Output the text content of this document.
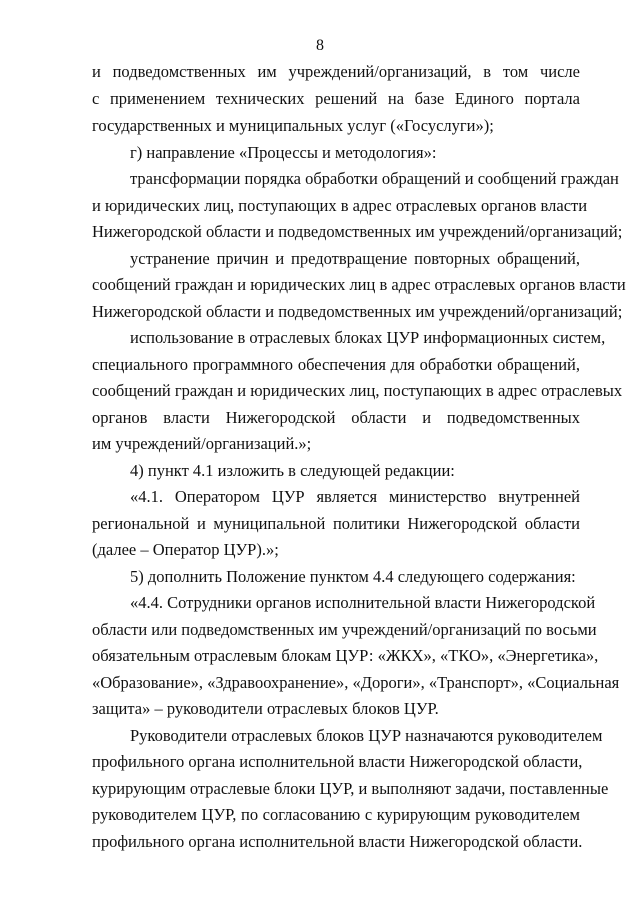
8
и подведомственных им учреждений/организаций, в том числе
с применением технических решений на базе Единого портала
государственных и муниципальных услуг («Госуслуги»);
г) направление «Процессы и методология»:
трансформации порядка обработки обращений и сообщений граждан
и юридических лиц, поступающих в адрес отраслевых органов власти
Нижегородской области и подведомственных им учреждений/организаций;
устранение причин и предотвращение повторных обращений,
сообщений граждан и юридических лиц в адрес отраслевых органов власти
Нижегородской области и подведомственных им учреждений/организаций;
использование в отраслевых блоках ЦУР информационных систем,
специального программного обеспечения для обработки обращений,
сообщений граждан и юридических лиц, поступающих в адрес отраслевых
органов власти Нижегородской области и подведомственных
им учреждений/организаций.»;
4) пункт 4.1 изложить в следующей редакции:
«4.1. Оператором ЦУР является министерство внутренней
региональной и муниципальной политики Нижегородской области
(далее – Оператор ЦУР).»;
5) дополнить Положение пунктом 4.4 следующего содержания:
«4.4. Сотрудники органов исполнительной власти Нижегородской
области или подведомственных им учреждений/организаций по восьми
обязательным отраслевым блокам ЦУР: «ЖКХ», «ТКО», «Энергетика»,
«Образование», «Здравоохранение», «Дороги», «Транспорт», «Социальная
защита» – руководители отраслевых блоков ЦУР.
Руководители отраслевых блоков ЦУР назначаются руководителем
профильного органа исполнительной власти Нижегородской области,
курирующим отраслевые блоки ЦУР, и выполняют задачи, поставленные
руководителем ЦУР, по согласованию с курирующим руководителем
профильного органа исполнительной власти Нижегородской области.
